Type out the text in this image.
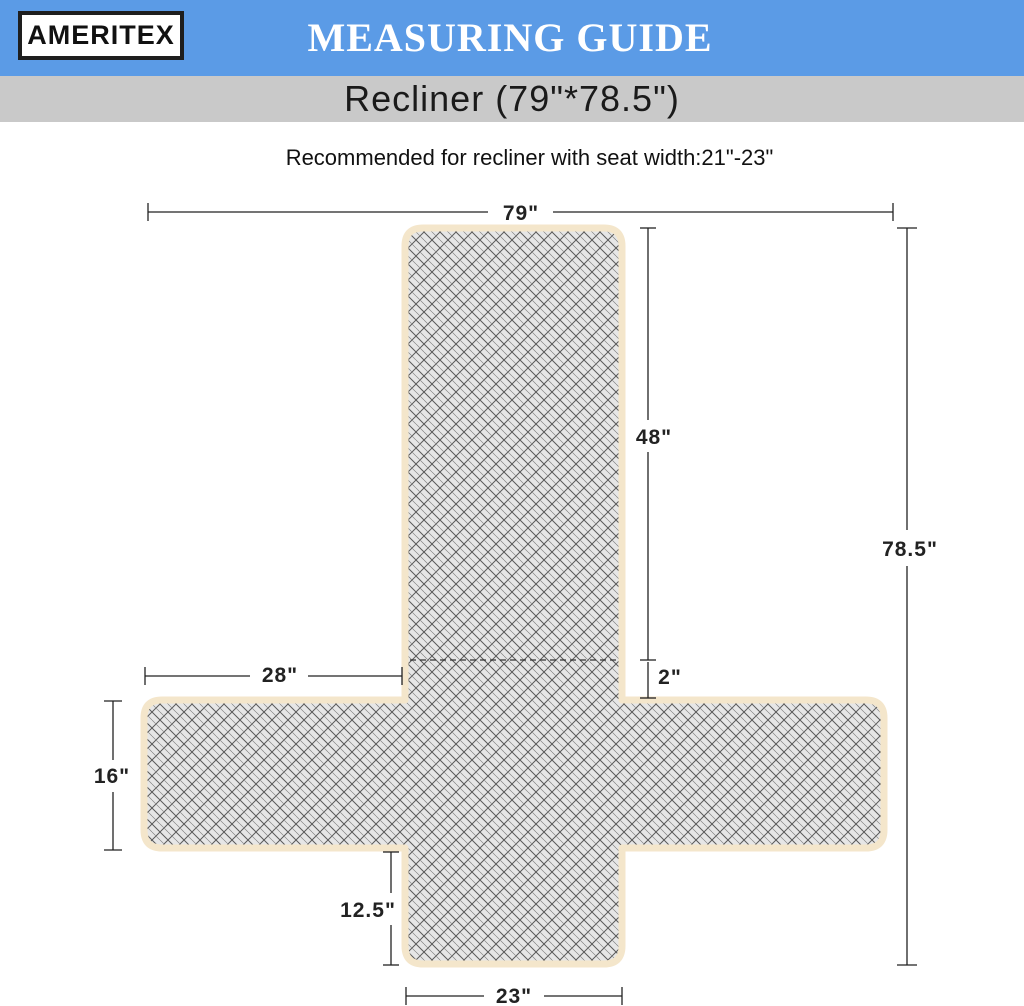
AMERITEX	MEASURING GUIDE
Recliner (79"*78.5")
Recommended for recliner with seat width:21"-23"
79"
78.5"
48"
2"
28"
16"
12.5"
23"
